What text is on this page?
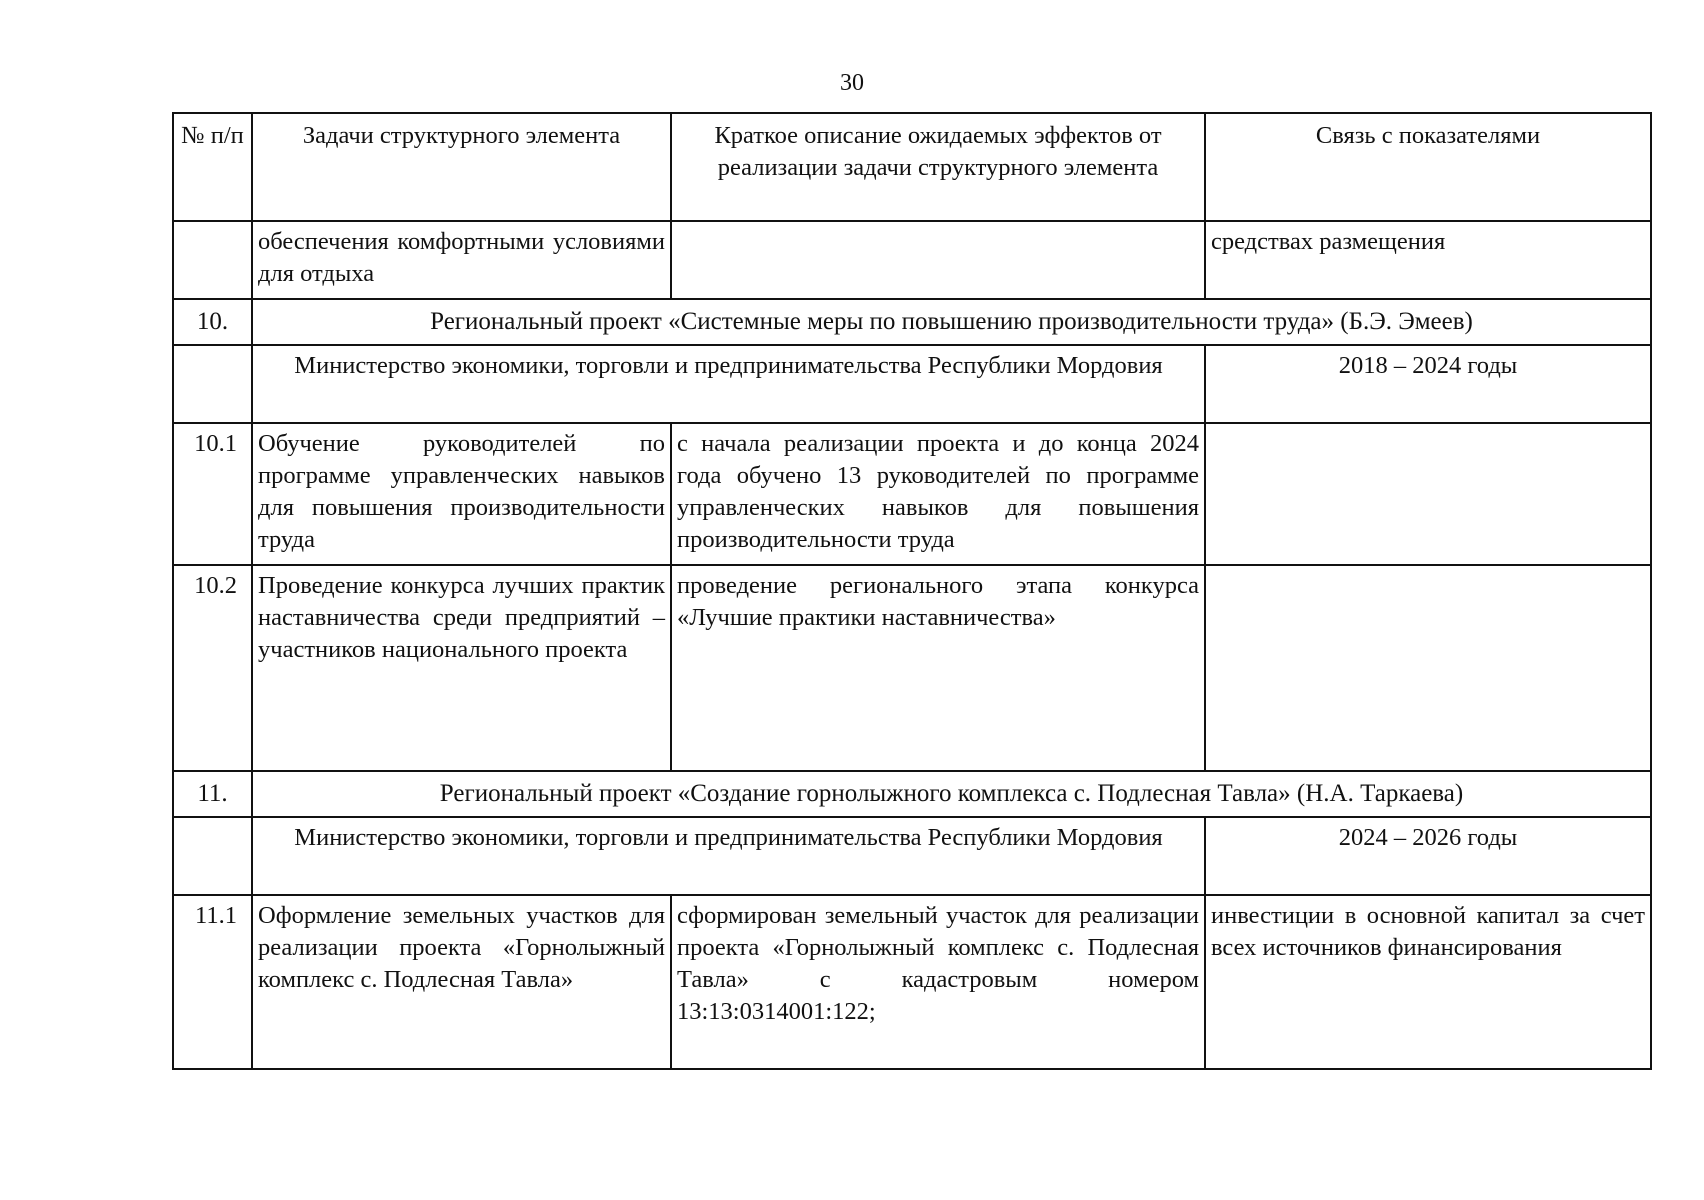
30
№ п/п	Задачи структурного элемента	Краткое описание ожидаемых эффектов от реализации задачи структурного элемента	Связь с показателями
	обеспечения комфортными условиями для отдыха		средствах размещения
10.	Региональный проект «Системные меры по повышению производительности труда» (Б.Э. Эмеев)		
	Министерство экономики, торговли и предпринимательства Республики Мордовия		2018 – 2024 годы
10.1	Обучение руководителей по программе управленческих навыков для повышения производительности труда	с начала реализации проекта и до конца 2024 года обучено 13 руководителей по программе управленческих навыков для повышения производительности труда	
10.2	Проведение конкурса лучших практик наставничества среди предприятий – участников национального проекта	проведение регионального этапа конкурса «Лучшие практики наставничества»	
11.	Региональный проект «Создание горнолыжного комплекса с. Подлесная Тавла» (Н.А. Таркаева)		
	Министерство экономики, торговли и предпринимательства Республики Мордовия		2024 – 2026 годы
11.1	Оформление земельных участков для реализации проекта «Горнолыжный комплекс с. Подлесная Тавла»	сформирован земельный участок для реализации проекта «Горнолыжный комплекс с. Подлесная Тавла» с кадастровым номером 13:13:0314001:122;	инвестиции в основной капитал за счет всех источников финансирования
